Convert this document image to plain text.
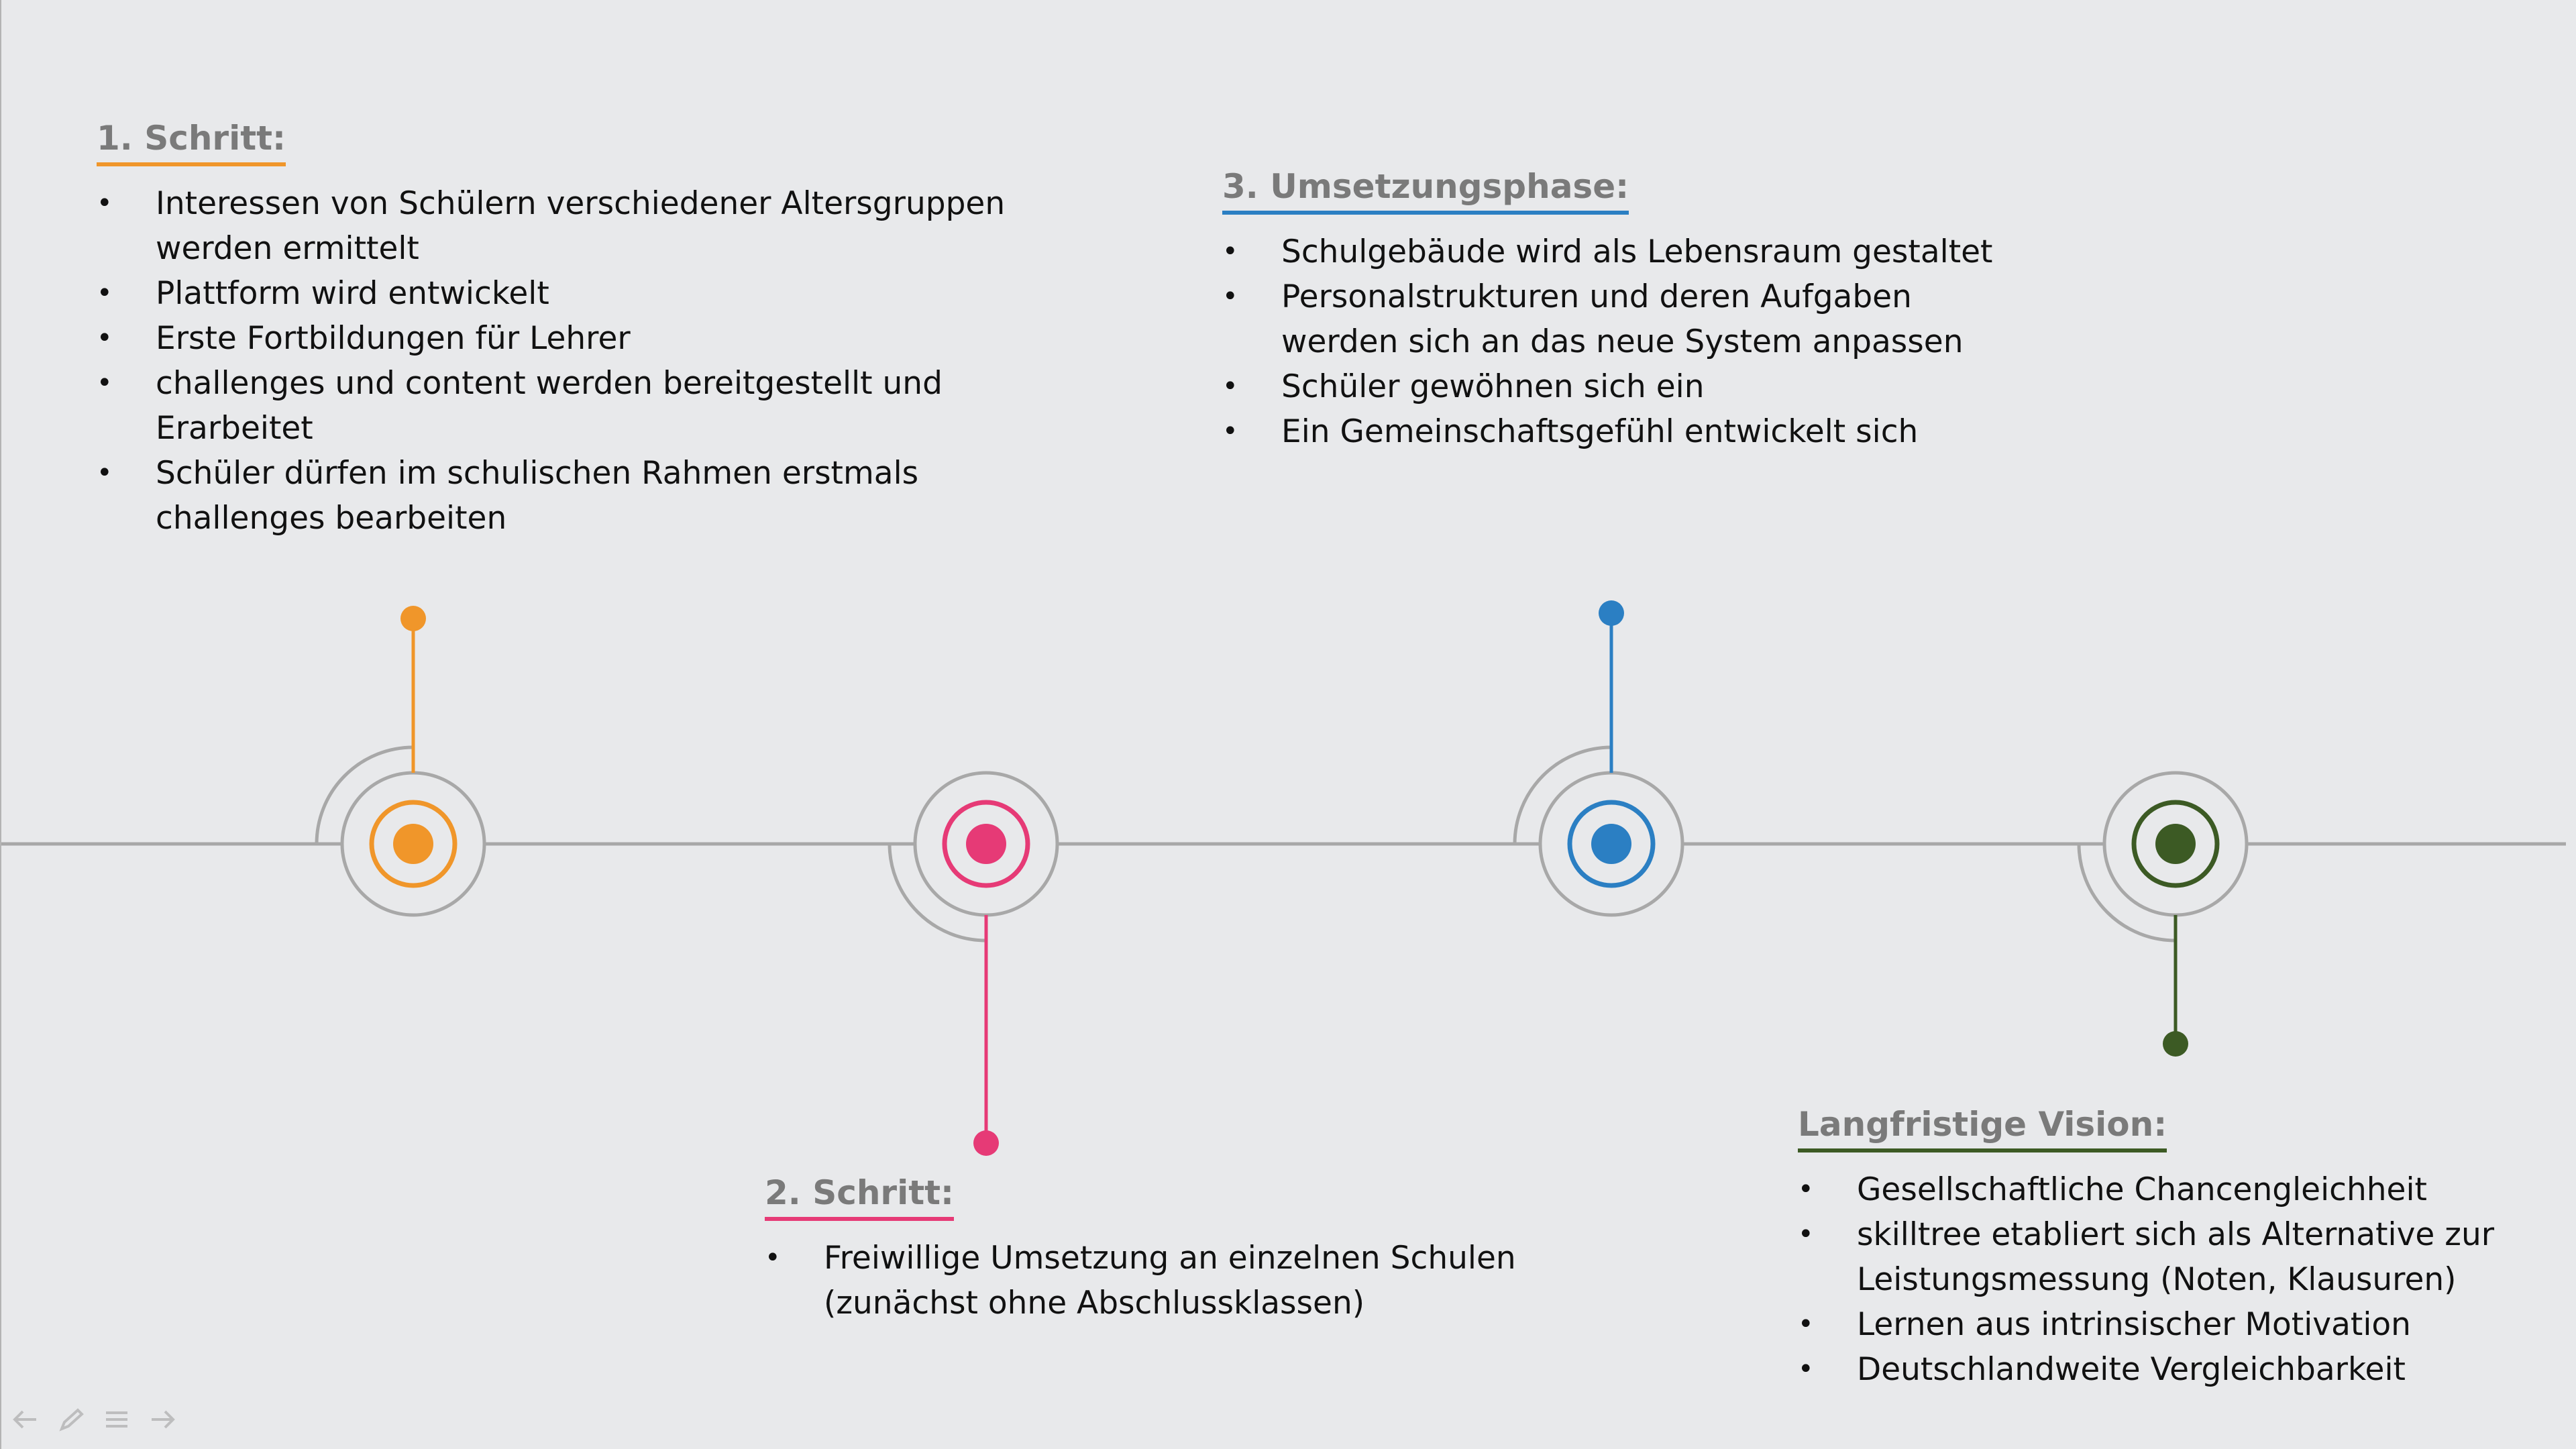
1. Schritt:
• Interessen von Schülern verschiedener Altersgruppen
werden ermittelt
• Plattform wird entwickelt
• Erste Fortbildungen für Lehrer
• challenges und content werden bereitgestellt und
Erarbeitet
• Schüler dürfen im schulischen Rahmen erstmals
challenges bearbeiten
2. Schritt:
• Freiwillige Umsetzung an einzelnen Schulen
(zunächst ohne Abschlussklassen)
3. Umsetzungsphase:
• Schulgebäude wird als Lebensraum gestaltet
• Personalstrukturen und deren Aufgaben
werden sich an das neue System anpassen
• Schüler gewöhnen sich ein
• Ein Gemeinschaftsgefühl entwickelt sich
Langfristige Vision:
• Gesellschaftliche Chancengleichheit
• skilltree etabliert sich als Alternative zur
Leistungsmessung (Noten, Klausuren)
• Lernen aus intrinsischer Motivation
• Deutschlandweite Vergleichbarkeit
